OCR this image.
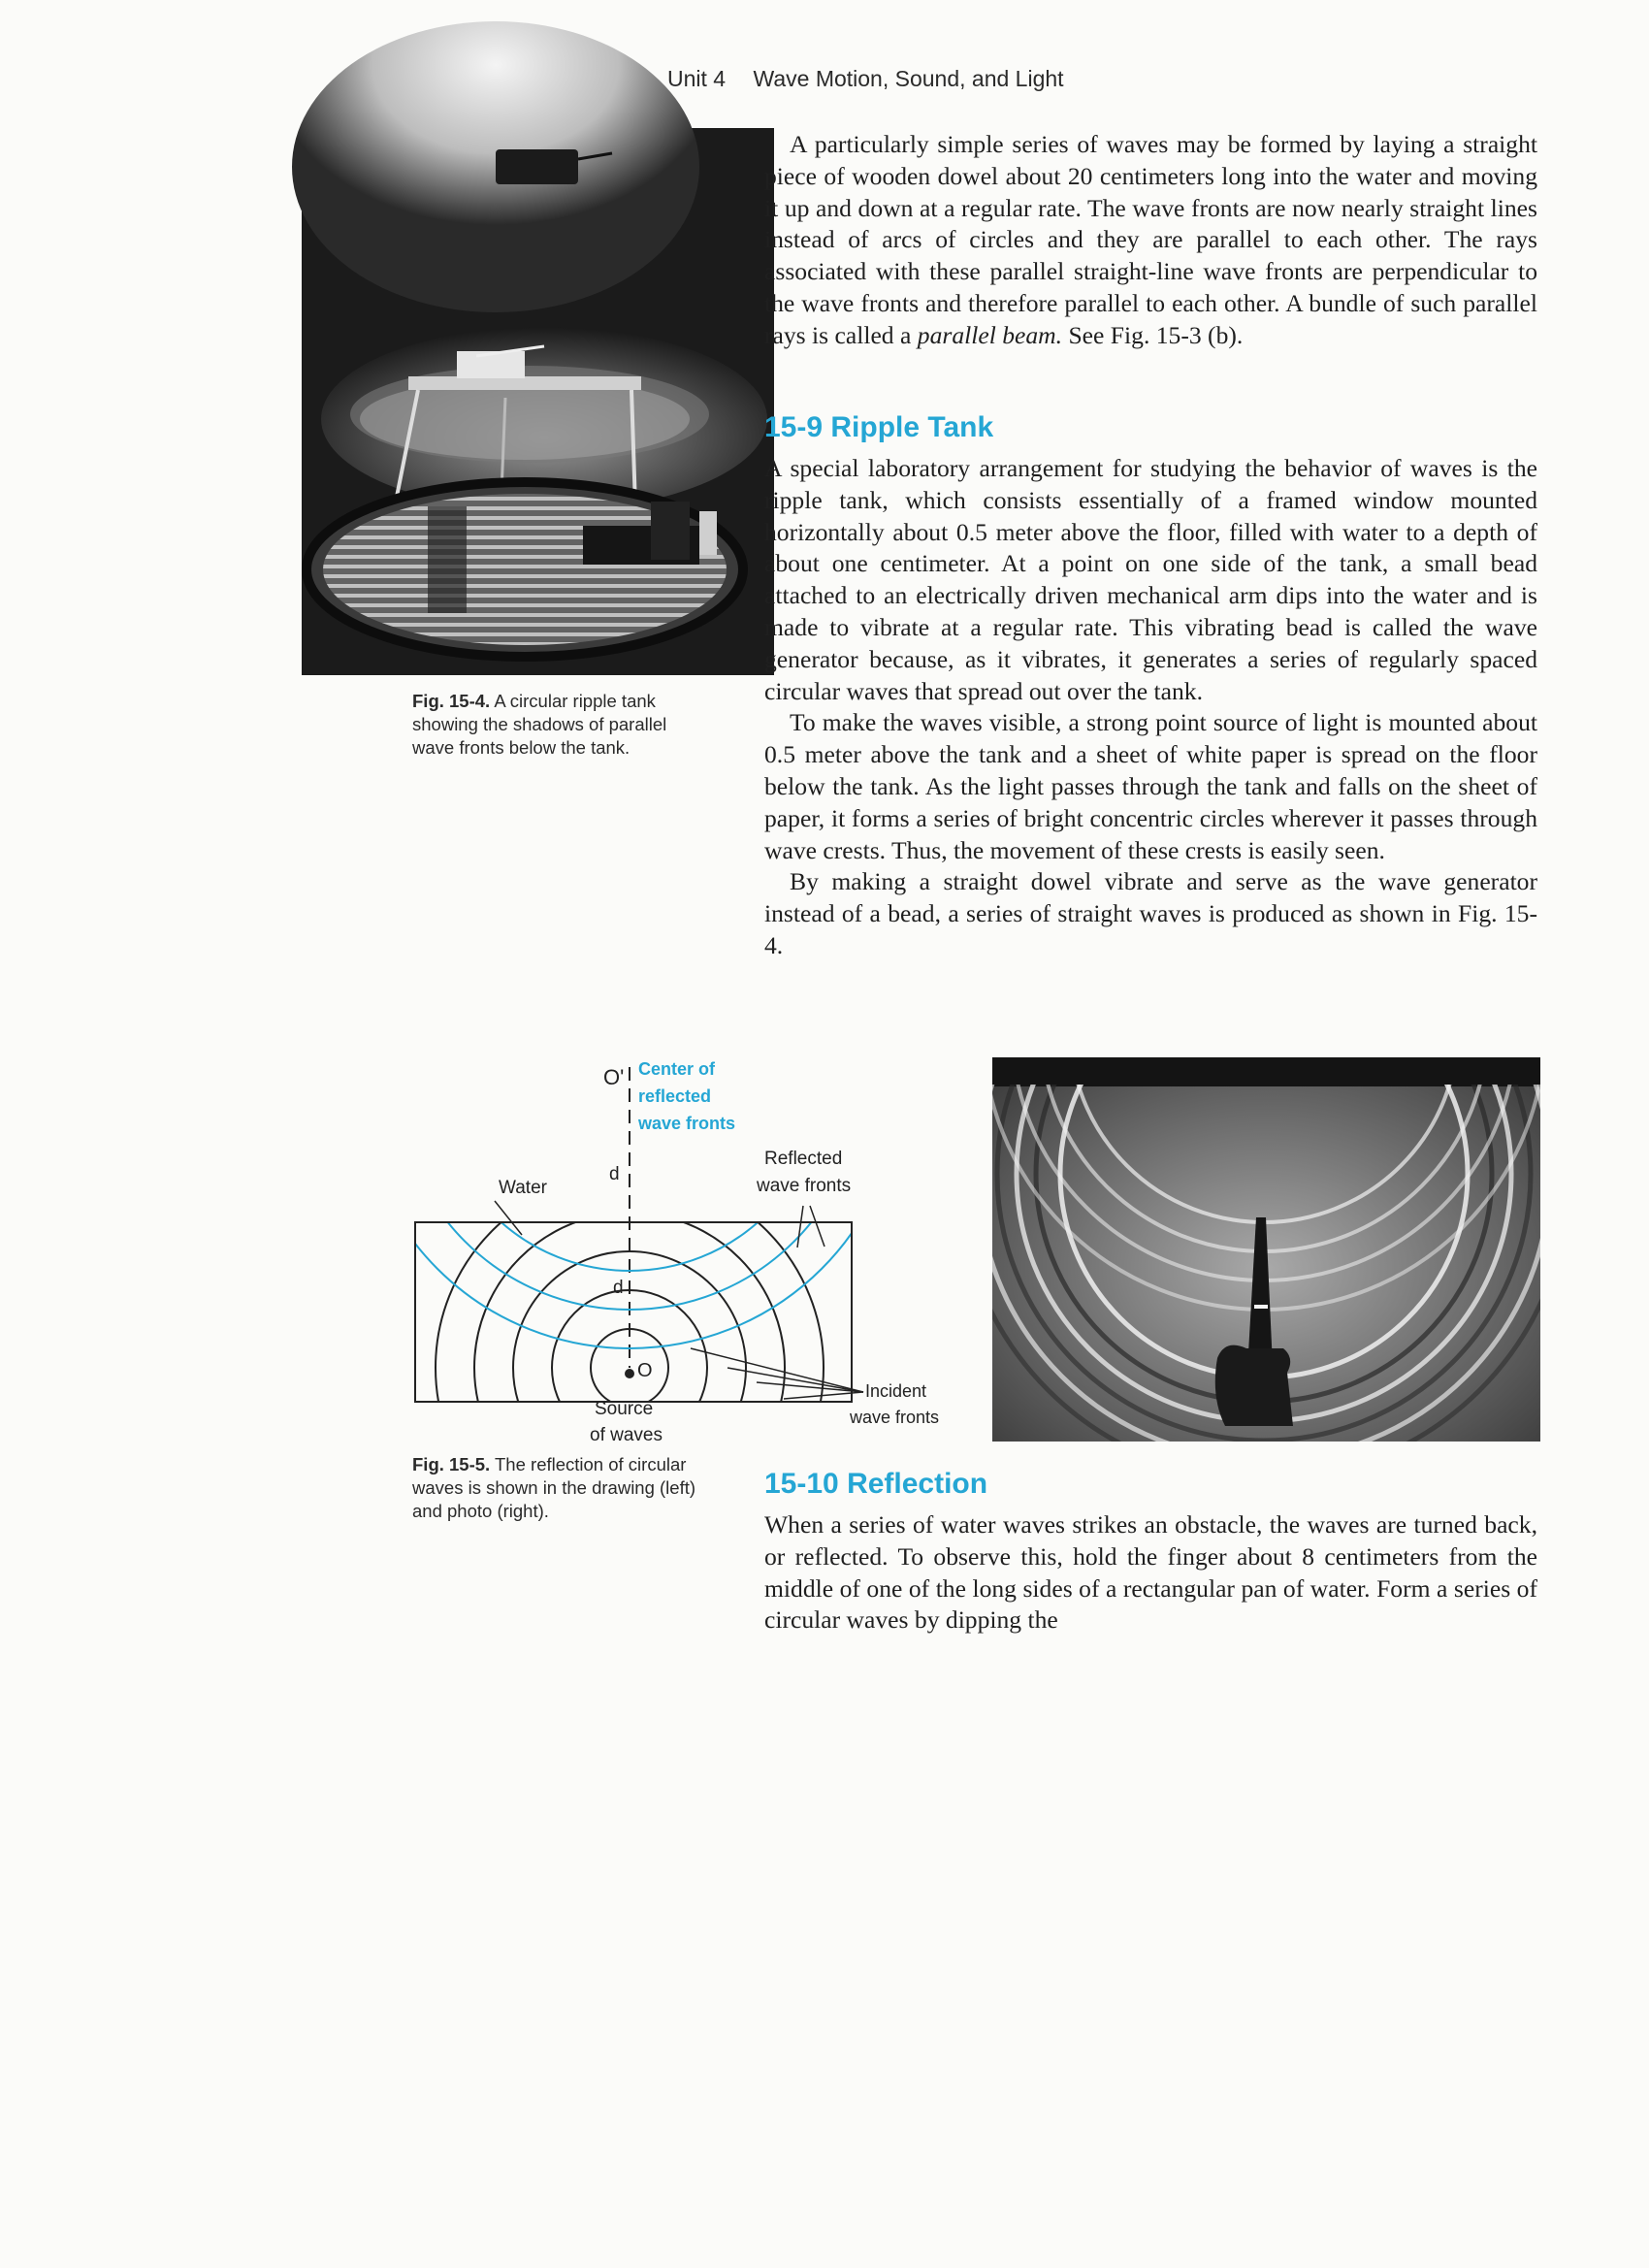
Unit 4 Wave Motion, Sound, and Light
Fig. 15-4. A circular ripple tank showing the shadows of parallel wave fronts below the tank.

A particularly simple series of waves may be formed by laying a straight piece of wooden dowel about 20 centimeters long into the water and moving it up and down at a regular rate. The wave fronts are now nearly straight lines instead of arcs of circles and they are parallel to each other. The rays associated with these parallel straight-line wave fronts are perpendicular to the wave fronts and therefore parallel to each other. A bundle of such parallel rays is called a parallel beam. See Fig. 15-3 (b).

15-9 Ripple Tank

A special laboratory arrangement for studying the behavior of waves is the ripple tank, which consists essentially of a framed window mounted horizontally about 0.5 meter above the floor, filled with water to a depth of about one centimeter. At a point on one side of the tank, a small bead attached to an electrically driven mechanical arm dips into the water and is made to vibrate at a regular rate. This vibrating bead is called the wave generator because, as it vibrates, it generates a series of regularly spaced circular waves that spread out over the tank.

To make the waves visible, a strong point source of light is mounted about 0.5 meter above the tank and a sheet of white paper is spread on the floor below the tank. As the light passes through the tank and falls on the sheet of paper, it forms a series of bright concentric circles wherever it passes through wave crests. Thus, the movement of these crests is easily seen.

By making a straight dowel vibrate and serve as the wave generator instead of a bead, a series of straight waves is produced as shown in Fig. 15-4.

O' Center of
reflected
wave fronts
Reflected
wave fronts
Water
d
d
O
Source
of waves
Incident
wave fronts
Fig. 15-5. The reflection of circular waves is shown in the drawing (left) and photo (right).
15-10 Reflection

When a series of water waves strikes an obstacle, the waves are turned back, or reflected. To observe this, hold the finger about 8 centimeters from the middle of one of the long sides of a rectangular pan of water. Form a series of circular waves by dipping the
